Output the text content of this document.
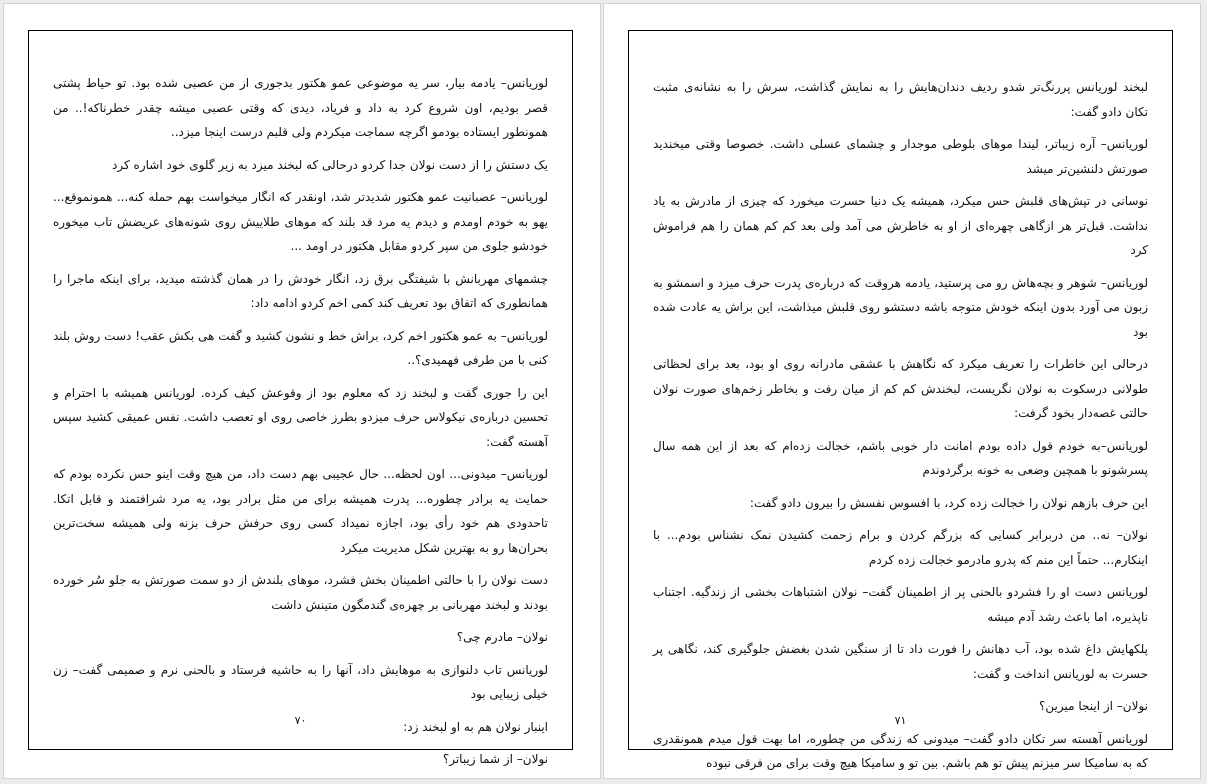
لوریانس– یادمه بیار، سر یه موضوعی عمو هکتور بدجوری از من عصبی شده بود. تو حیاط پشتی قصر بودیم، اون شروع کرد به داد و فریاد، دیدی که وقتی عصبی میشه چقدر خطرناکه!.. من همونطور ایستاده بودمو اگرچه سماجت میکردم ولی قلبم درست اینجا میزد..

یک دستش را از دست نولان جدا کردو درحالی که لبخند میزد به زیر گلوی خود اشاره کرد

لوریانس– عصبانیت عمو هکتور شدیدتر شد، اونقدر که انگار میخواست بهم حمله کنه... همونموقع... یهو به خودم اومدم و دیدم یه مرد قد بلند که موهای طلاییش روی شونه‌های عریضش تاب میخوره خودشو جلوی من سپر کردو مقابل هکتور در اومد ...

چشمهای مهربانش با شیفتگی برق زد، انگار خودش را در همان گذشته میدید، برای اینکه ماجرا را همانطوری که اتفاق بود تعریف کند کمی اخم کردو ادامه داد:

لوریانس– به عمو هکتور اخم کرد، براش خط و نشون کشید و گفت هی بکش عقب! دست روش بلند کنی با من طرفی فهمیدی؟..

این را جوری گفت و لبخند زد که معلوم بود از وقوعش کیف کرده. لوریانس همیشه با احترام و تحسین درباره‌ی نیکولاس حرف میزدو بطرز خاصی روی او تعصب داشت. نفس عمیقی کشید سپس آهسته گفت:

لوریانس– میدونی... اون لحظه... حال عجیبی بهم دست داد، من هیچ وقت اینو حس نکرده بودم که حمایت یه برادر چطوره... پدرت همیشه برای من مثل برادر بود، یه مرد شرافتمند و قابل اتکا. تاحدودی هم خود رأی بود، اجازه نمیداد کسی روی حرفش حرف بزنه ولی همیشه سخت‌ترین بحران‌ها رو به بهترین شکل مدیریت میکرد

دست نولان را با حالتی اطمینان بخش فشرد، موهای بلندش از دو سمت صورتش به جلو سُر خورده بودند و لبخند مهربانی بر چهره‌ی گندمگون متینش داشت

نولان– مادرم چی؟

لوریانس تاب دلنوازی به موهایش داد، آنها را به حاشیه فرستاد و بالحنی نرم و صمیمی گفت– زن خیلی زیبایی بود

اینبار نولان هم به او لبخند زد:

نولان– از شما زیباتر؟

۷۰

لبخند لوریانس پررنگ‌تر شدو ردیف دندان‌هایش را به نمایش گذاشت، سرش را به نشانه‌ی مثبت تکان دادو گفت:

لوریانس– آره زیباتر، لیندا موهای بلوطی موجدار و چشمای عسلی داشت. خصوصا وقتی میخندید صورتش دلنشین‌تر میشد

نوسانی در تپش‌های قلبش حس میکرد، همیشه یک دنیا حسرت میخورد که چیزی از مادرش به یاد نداشت. قبل‌تر هر ازگاهی چهره‌ای از او به خاطرش می آمد ولی بعد کم کم همان را هم فراموش کرد

لوریانس– شوهر و بچه‌هاش رو می پرستید، یادمه هروقت که درباره‌ی پدرت حرف میزد و اسمشو به زبون می آورد بدون اینکه خودش متوجه باشه دستشو روی قلبش میذاشت، این براش یه عادت شده بود

درحالی این خاطرات را تعریف میکرد که نگاهش با عشقی مادرانه روی او بود، بعد برای لحظاتی طولانی درسکوت به نولان نگریست، لبخندش کم کم از میان رفت و بخاطر زخم‌های صورت نولان حالتی غصه‌دار بخود گرفت:

لوریانس–به خودم قول داده بودم امانت دار خوبی باشم، خجالت زده‌ام که بعد از این همه سال پسرشونو با همچین وضعی به خونه برگردوندم

این حرف بازهم نولان را خجالت زده کرد، با افسوس نفسش را بیرون دادو گفت:

نولان– نه.. من دربرابر کسایی که بزرگم کردن و برام زحمت کشیدن نمک نشناس بودم... با اینکارم... حتماً این منم که پدرو مادرمو خجالت زده کردم

لوریانس دست او را فشردو بالحنی پر از اطمینان گفت– نولان اشتباهات بخشی از زندگیه. اجتناب ناپذیره، اما باعث رشد آدم میشه

پلکهایش داغ شده بود، آب دهانش را فورت داد تا از سنگین شدن بغضش جلوگیری کند، نگاهی پر حسرت به لوریانس انداخت و گفت:

نولان– از اینجا میرین؟

لوریانس آهسته سر تکان دادو گفت– میدونی که زندگی من چطوره، اما بهت قول میدم همونقدری که به ساميکا سر میزنم پیش تو هم باشم. بین تو و ساميکا هیچ وقت برای من فرقی نبوده

۷۱
